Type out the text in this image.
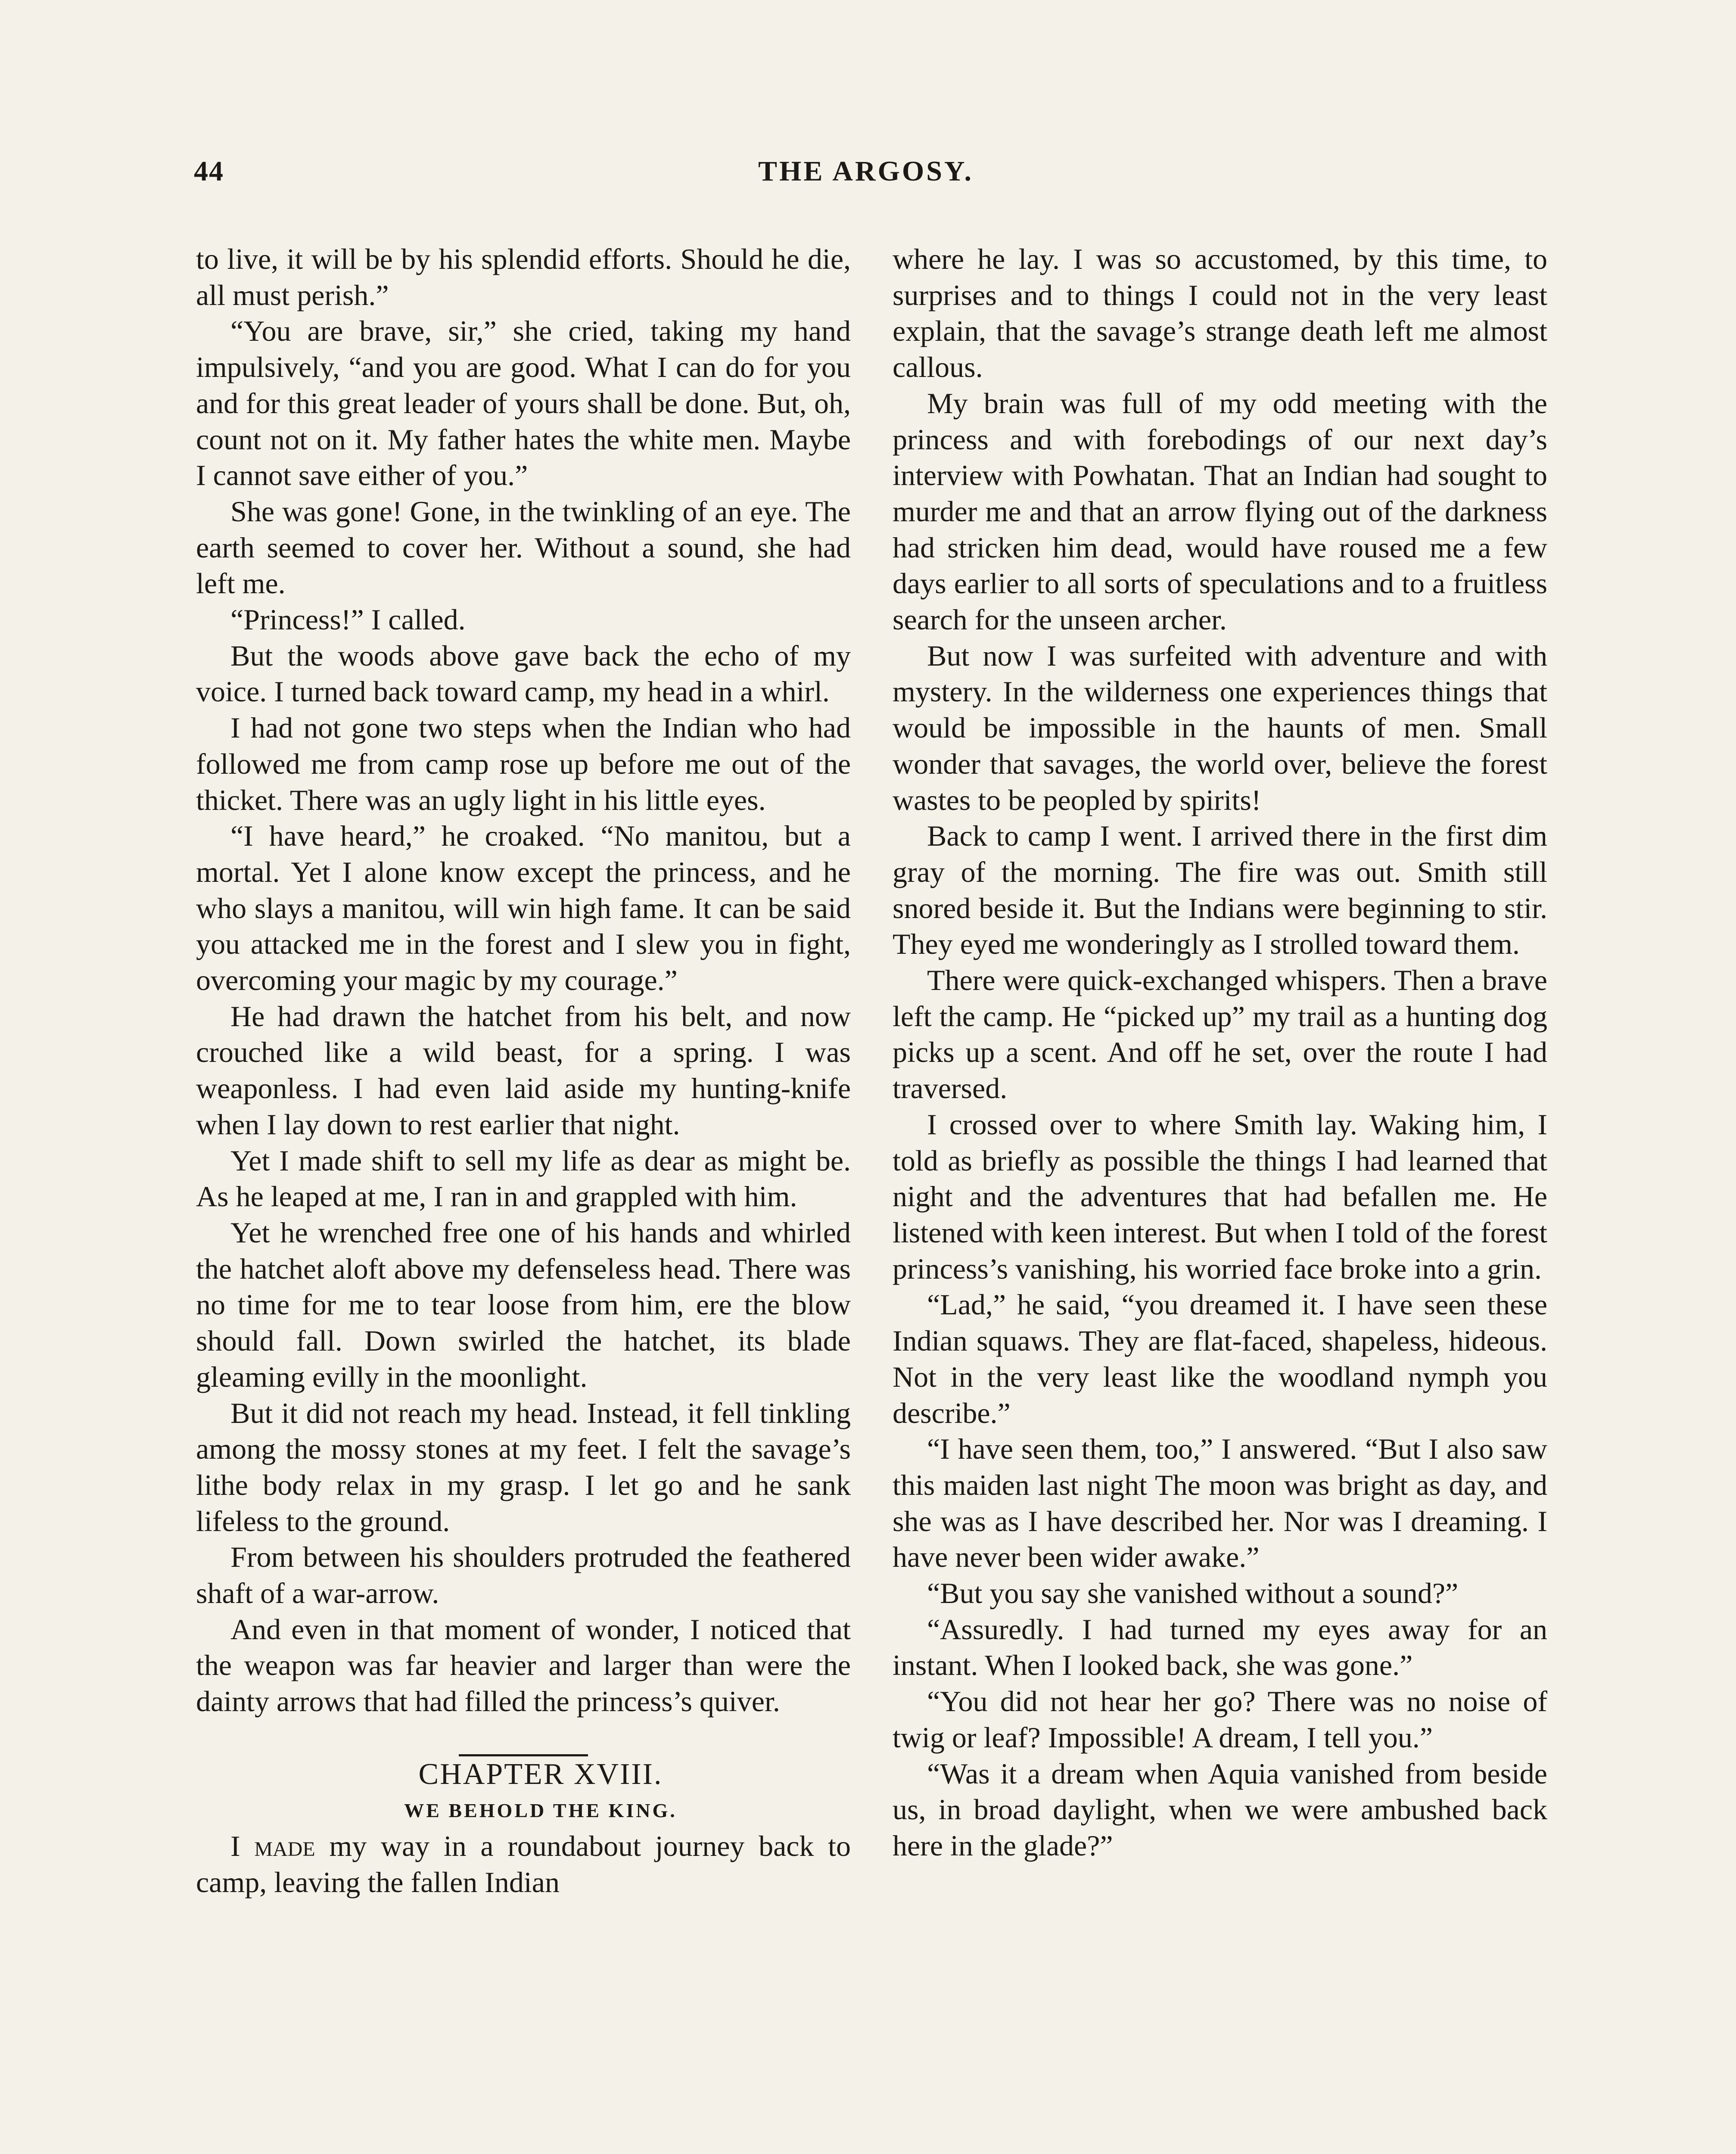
44	THE ARGOSY.

to live, it will be by his splendid efforts. Should he die, all must perish.”

“You are brave, sir,” she cried, taking my hand impulsively, “and you are good. What I can do for you and for this great leader of yours shall be done. But, oh, count not on it. My father hates the white men. Maybe I cannot save either of you.”

She was gone! Gone, in the twinkling of an eye. The earth seemed to cover her. Without a sound, she had left me.

“Princess!” I called.

But the woods above gave back the echo of my voice. I turned back toward camp, my head in a whirl.

I had not gone two steps when the Indian who had followed me from camp rose up before me out of the thicket. There was an ugly light in his little eyes.

“I have heard,” he croaked. “No manitou, but a mortal. Yet I alone know except the princess, and he who slays a manitou, will win high fame. It can be said you attacked me in the forest and I slew you in fight, overcoming your magic by my courage.”

He had drawn the hatchet from his belt, and now crouched like a wild beast, for a spring. I was weaponless. I had even laid aside my hunting-knife when I lay down to rest earlier that night.

Yet I made shift to sell my life as dear as might be. As he leaped at me, I ran in and grappled with him.

Yet he wrenched free one of his hands and whirled the hatchet aloft above my defenseless head. There was no time for me to tear loose from him, ere the blow should fall. Down swirled the hatchet, its blade gleaming evilly in the moonlight.

But it did not reach my head. Instead, it fell tinkling among the mossy stones at my feet. I felt the savage’s lithe body relax in my grasp. I let go and he sank lifeless to the ground.

From between his shoulders protruded the feathered shaft of a war-arrow.

And even in that moment of wonder, I noticed that the weapon was far heavier and larger than were the dainty arrows that had filled the princess’s quiver.

CHAPTER XVIII.

WE BEHOLD THE KING.

I made my way in a roundabout journey back to camp, leaving the fallen Indian

where he lay. I was so accustomed, by this time, to surprises and to things I could not in the very least explain, that the savage’s strange death left me almost callous.

My brain was full of my odd meeting with the princess and with forebodings of our next day’s interview with Powhatan. That an Indian had sought to murder me and that an arrow flying out of the darkness had stricken him dead, would have roused me a few days earlier to all sorts of speculations and to a fruitless search for the unseen archer.

But now I was surfeited with adventure and with mystery. In the wilderness one experiences things that would be impossible in the haunts of men. Small wonder that savages, the world over, believe the forest wastes to be peopled by spirits!

Back to camp I went. I arrived there in the first dim gray of the morning. The fire was out. Smith still snored beside it. But the Indians were beginning to stir. They eyed me wonderingly as I strolled toward them.

There were quick-exchanged whispers. Then a brave left the camp. He “picked up” my trail as a hunting dog picks up a scent. And off he set, over the route I had traversed.

I crossed over to where Smith lay. Waking him, I told as briefly as possible the things I had learned that night and the adventures that had befallen me. He listened with keen interest. But when I told of the forest princess’s vanishing, his worried face broke into a grin.

“Lad,” he said, “you dreamed it. I have seen these Indian squaws. They are flat-faced, shapeless, hideous. Not in the very least like the woodland nymph you describe.”

“I have seen them, too,” I answered. “But I also saw this maiden last night The moon was bright as day, and she was as I have described her. Nor was I dreaming. I have never been wider awake.”

“But you say she vanished without a sound?”

“Assuredly. I had turned my eyes away for an instant. When I looked back, she was gone.”

“You did not hear her go? There was no noise of twig or leaf? Impossible! A dream, I tell you.”

“Was it a dream when Aquia vanished from beside us, in broad daylight, when we were ambushed back here in the glade?”
